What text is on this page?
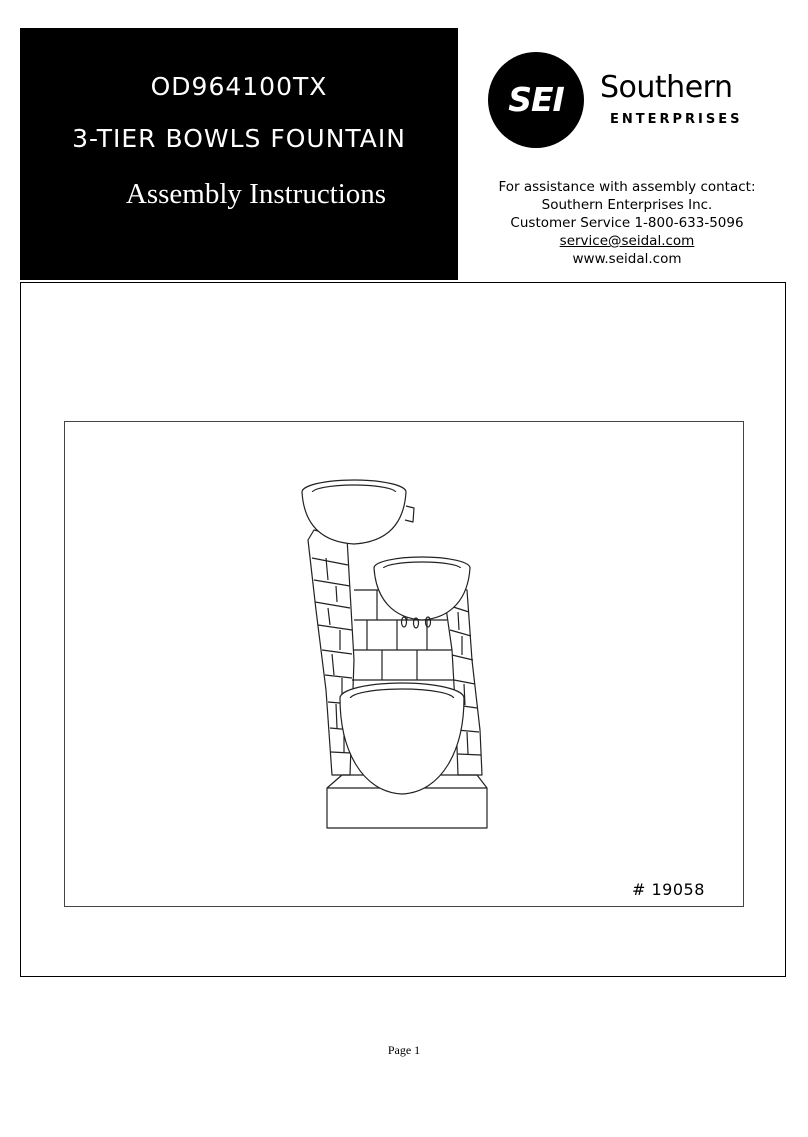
OD964100TX
3-TIER BOWLS FOUNTAIN
Assembly Instructions
SEI	Southern
ENTERPRISES
For assistance with assembly contact:
Southern Enterprises Inc.
Customer Service 1-800-633-5096
service@seidal.com
www.seidal.com
# 19058
Page 1
